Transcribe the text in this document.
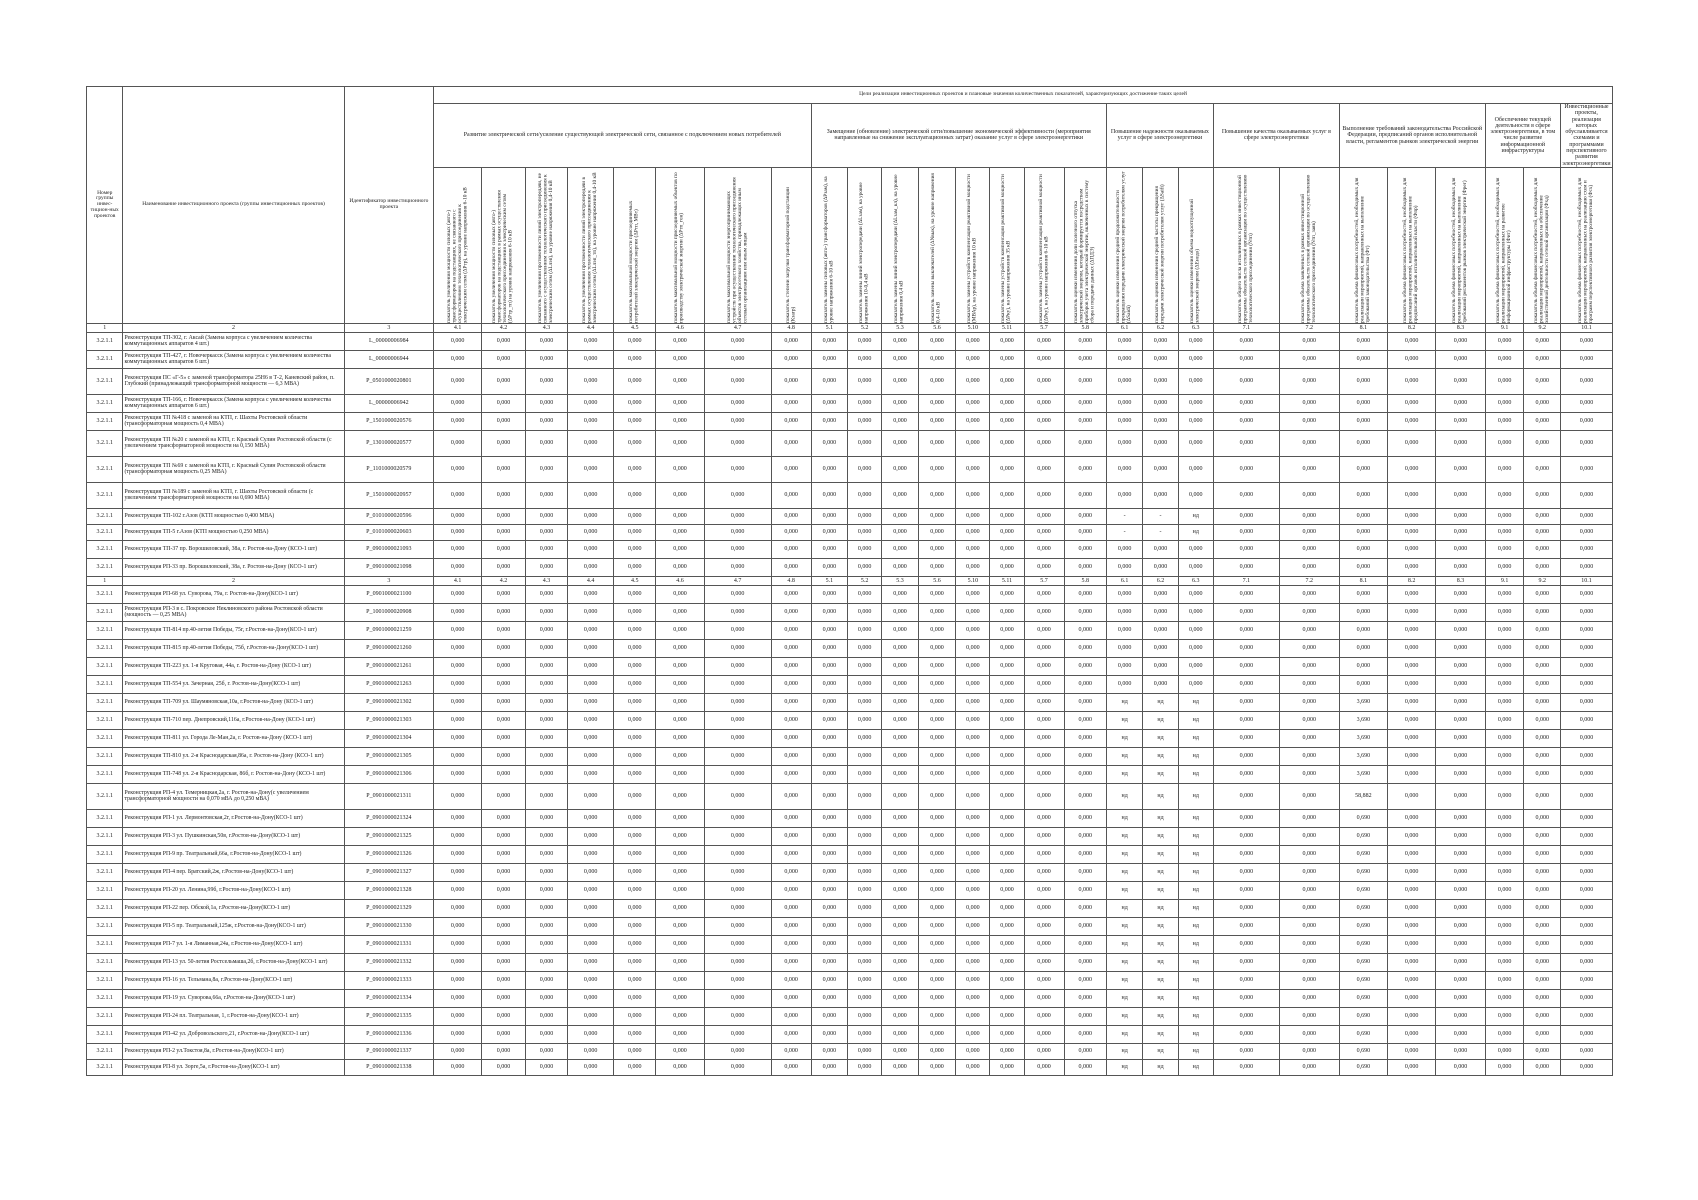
Номер группы инвес-тицион-ных проектов	Наименование инвестиционного проекта (группы инвестиционных проектов)	Идентификатор инвестиционного проекта	Цели реализации инвестиционных проектов и плановые значения количественных показателей, характеризующих достижение таких целей																										
			Развитие электрической сети/усиление существующей электрической сети, связанное с подключением новых потребителей								Замещение (обновление) электрической сети/повышение экономической эффективности (мероприятия направленные на снижение эксплуатационных затрат) оказание услуг в сфере электроэнергетики								Повышение надежности оказываемых услуг в сфере электроэнергетики			Повышение качества оказываемых услуг в сфере электроэнергетики		Выполнение требований законодательства Российской Федерации, предписаний органов исполнительной власти, регламентов рынков электрической энергии			Обеспечение текущей деятельности в сфере электроэнергетики, в том числе развитие информационной инфраструктуры		Инвестиционные проекты, реализация которых обуславливается схемами и программами перспективного развития электроэнергетики

			показатель увеличения мощности силовых (авто-) трансформаторов на подстанциях, не связанного с осуществлением технологического присоединения к электрическим сетям (ΔPтр), на уровне напряжения 6-10 кВ	показатель увеличения мощности силовых (авто-) трансформаторов на подстанциях в рамках осуществления технологического присоединения к электрическим сетям (ΔPтр_тп) на уровне напряжения 6-10 кВ	показатель увеличения протяженности линий электропередачи, не связанного с осуществлением технологического присоединения к электрическим сетям (ΔLлэп), на уровне напряжения 0,4-10 кВ	показатель увеличения протяженности линий электропередачи в рамках осуществления технологического присоединения к электрическим сетям (ΔLлэп_тп), на уровне напряжения 0,4-10 кВ	показатель максимальной мощности присоединяемых потребителей электрической энергии (ΔPтп, МВт)	показатель максимальной мощности присоединяемых объектов по производству электрической энергии (ΔPтп_ген)	показатель максимальной мощности энергопринимающих устройств при осуществлении технологического присоединения объектов электросетевого хозяйства, принадлежащих иным сетевым организациям или иным лицам	показатель степени загрузки трансформаторной подстанции (Кзагр)	показатель замены силовых (авто-) трансформаторов (ΔPзам), на уровне напряжения 6-10 кВ	показатель замены линий электропередачи (ΔLзам), на уровне напряжения 10-0,4 кВ	показатель замены линий электропередачи (ΔLзам_кл), на уровне напряжения 0,4 кВ	показатель замены выключателей (ΔNвык), на уровне напряжения 0,4-10 кВ	показатель замены устройств компенсации реактивной мощности (МВАр), на уровне напряжения 10 кВ	показатель замены устройств компенсации реактивной мощности (ΔPку), на уровне напряжения 35 кВ	показатель замены устройств компенсации реактивной мощности (ΔPку), на уровне напряжения 6-10 кВ	показатель оценки изменения доли полезного отпуска электрической энергии, который формируется посредством приборов учета электрической энергии, включенных в систему сбора и передачи данных (ΔПДЭ)	показатель оценки изменения средней продолжительности прекращения передачи электрической энергии потребителям услуг (ΔSaidi)	показатель оценки изменения средней частоты прекращения передачи электрической энергии потребителям услуг (ΔSaifi)	показатель оценки изменения объема недоотпущенной электрической энергии (ΔEнедо)	показатель общего числа исполненных в рамках инвестиционной программы обязательств сетевой организации по осуществлению технологического присоединения (Nтп)	показатель объема заявленных в рамках инвестиционной программы обязательств сетевой организации по осуществлению технологического присоединения (Nтп_заяв)	показатель объема финансовых потребностей, необходимых для реализации мероприятий, направленных на выполнение требований законодательства (Фт)	показатель объема финансовых потребностей, необходимых для реализации мероприятий, направленных на выполнение предписаний органов исполнительной власти (Фпр)	показатель объема финансовых потребностей, необходимых для реализации мероприятий, направленных на выполнение требований регламентов рынков электрической энергии (Фрег)	показатель объема финансовых потребностей, необходимых для реализации мероприятий, направленных на развитие информационной инфраструктуры (Фит)	показатель объема финансовых потребностей, необходимых для реализации мероприятий, направленных на обеспечение хозяйственной деятельности сетевой организации (Фхд)	показатель объема финансовых потребностей, необходимых для реализации мероприятий, направленных на реализацию схем и программ перспективного развития электроэнергетики (Фсх)

1	2	3	4.1	4.2	4.3	4.4	4.5	4.6	4.7	4.8	5.1	5.2	5.3	5.6	5.10	5.11	5.7	5.8	6.1	6.2	6.3	7.1	7.2	8.1	8.2	8.3	9.1	9.2	10.1
3.2.1.1	Реконструкция ТП-302, г. Аксай (Замена корпуса с увеличением количества коммутационных аппаратов 4 шт.)	L_00000006984	0,000	0,000	0,000	0,000	0,000	0,000	0,000	0,000	0,000	0,000	0,000	0,000	0,000	0,000	0,000	0,000	0,000	0,000	0,000	0,000	0,000	0,000	0,000	0,000	0,000	0,000	0,000
3.2.1.1	Реконструкция ТП-427, г. Новочеркасск (Замена корпуса с увеличением количества коммутационных аппаратов 6 шт.)	L_00000006944	0,000	0,000	0,000	0,000	0,000	0,000	0,000	0,000	0,000	0,000	0,000	0,000	0,000	0,000	0,000	0,000	0,000	0,000	0,000	0,000	0,000	0,000	0,000	0,000	0,000	0,000	0,000
3.2.1.1	Реконструкция ПС «Г-5» с заменой трансформатора 25Н6 в Т-2, Каневский район, п. Глубокий (принадлежащий трансформаторной мощности — 6,3 МВА)	P_0501000020801	0,000	0,000	0,000	0,000	0,000	0,000	0,000	0,000	0,000	0,000	0,000	0,000	0,000	0,000	0,000	0,000	0,000	0,000	0,000	0,000	0,000	0,000	0,000	0,000	0,000	0,000	0,000
3.2.1.1	Реконструкция ТП-166, г. Новочеркасск (Замена корпуса с увеличением количества коммутационных аппаратов 6 шт.)	L_00000006942	0,000	0,000	0,000	0,000	0,000	0,000	0,000	0,000	0,000	0,000	0,000	0,000	0,000	0,000	0,000	0,000	0,000	0,000	0,000	0,000	0,000	0,000	0,000	0,000	0,000	0,000	0,000
3.2.1.1	Реконструкция ТП №418 с заменой на КТП, г. Шахты Ростовской области (трансформаторная мощность 0,4 МВА)	P_1501000020576	0,000	0,000	0,000	0,000	0,000	0,000	0,000	0,000	0,000	0,000	0,000	0,000	0,000	0,000	0,000	0,000	0,000	0,000	0,000	0,000	0,000	0,000	0,000	0,000	0,000	0,000	0,000
3.2.1.1	Реконструкция ТП №20 с заменой на КТП, г. Красный Сулин Ростовской области (с увеличением трансформаторной мощности на 0,150 МВА)	P_1301000020577	0,000	0,000	0,000	0,000	0,000	0,000	0,000	0,000	0,000	0,000	0,000	0,000	0,000	0,000	0,000	0,000	0,000	0,000	0,000	0,000	0,000	0,000	0,000	0,000	0,000	0,000	0,000
3.2.1.1	Реконструкция ТП №69 с заменой на КТП, г. Красный Сулин Ростовской области (трансформаторная мощность 0,25 МВА)	P_1101000020579	0,000	0,000	0,000	0,000	0,000	0,000	0,000	0,000	0,000	0,000	0,000	0,000	0,000	0,000	0,000	0,000	0,000	0,000	0,000	0,000	0,000	0,000	0,000	0,000	0,000	0,000	0,000
3.2.1.1	Реконструкция ТП №189 с заменой на КТП, г. Шахты Ростовской области (с увеличением трансформаторной мощности на 0,690 МВА)	P_1501000020957	0,000	0,000	0,000	0,000	0,000	0,000	0,000	0,000	0,000	0,000	0,000	0,000	0,000	0,000	0,000	0,000	0,000	0,000	0,000	0,000	0,000	0,000	0,000	0,000	0,000	0,000	0,000
3.2.1.1	Реконструкция ТП-102 г.Азов (КТП мощностью 0,400 МВА)	P_0101000020596	0,000	0,000	0,000	0,000	0,000	0,000	0,000	0,000	0,000	0,000	0,000	0,000	0,000	0,000	0,000	0,000	-	-	нд	0,000	0,000	0,000	0,000	0,000	0,000	0,000	0,000
3.2.1.1	Реконструкция ТП-5 г.Азов (КТП мощностью 0,250 МВА)	P_0101000020603	0,000	0,000	0,000	0,000	0,000	0,000	0,000	0,000	0,000	0,000	0,000	0,000	0,000	0,000	0,000	0,000	-	-	нд	0,000	0,000	0,000	0,000	0,000	0,000	0,000	0,000
3.2.1.1	Реконструкция ТП-37 пр. Ворошиловский, 38а, г. Ростов-на-Дону (КСО-1 шт)	P_0901000021093	0,000	0,000	0,000	0,000	0,000	0,000	0,000	0,000	0,000	0,000	0,000	0,000	0,000	0,000	0,000	0,000	0,000	0,000	0,000	0,000	0,000	0,000	0,000	0,000	0,000	0,000	0,000
3.2.1.1	Реконструкция РП-33 пр. Ворошиловский, 38а, г. Ростов-на-Дону (КСО-1 шт)	P_0901000021098	0,000	0,000	0,000	0,000	0,000	0,000	0,000	0,000	0,000	0,000	0,000	0,000	0,000	0,000	0,000	0,000	0,000	0,000	0,000	0,000	0,000	0,000	0,000	0,000	0,000	0,000	0,000
1	2	3	4.1	4.2	4.3	4.4	4.5	4.6	4.7	4.8	5.1	5.2	5.3	5.6	5.10	5.11	5.7	5.8	6.1	6.2	6.3	7.1	7.2	8.1	8.2	8.3	9.1	9.2	10.1
3.2.1.1	Реконструкция РП-68 ул. Суворова, 79а, г. Ростов-на-Дону(КСО-1 шт)	P_0901000021100	0,000	0,000	0,000	0,000	0,000	0,000	0,000	0,000	0,000	0,000	0,000	0,000	0,000	0,000	0,000	0,000	0,000	0,000	0,000	0,000	0,000	0,000	0,000	0,000	0,000	0,000	0,000
3.2.1.1	Реконструкция РП-3 в с. Покровское Неклиновского района Ростовской области (мощность — 0,25 МВА)	P_1001000020908	0,000	0,000	0,000	0,000	0,000	0,000	0,000	0,000	0,000	0,000	0,000	0,000	0,000	0,000	0,000	0,000	0,000	0,000	0,000	0,000	0,000	0,000	0,000	0,000	0,000	0,000	0,000
3.2.1.1	Реконструкция ТП-814 пр.40-летия Победы, 75г, г.Ростов-на-Дону(КСО-1 шт)	P_0901000021259	0,000	0,000	0,000	0,000	0,000	0,000	0,000	0,000	0,000	0,000	0,000	0,000	0,000	0,000	0,000	0,000	0,000	0,000	0,000	0,000	0,000	0,000	0,000	0,000	0,000	0,000	0,000
3.2.1.1	Реконструкция ТП-815 пр.40-летия Победы, 75б, г.Ростов-на-Дону(КСО-1 шт)	P_0901000021260	0,000	0,000	0,000	0,000	0,000	0,000	0,000	0,000	0,000	0,000	0,000	0,000	0,000	0,000	0,000	0,000	0,000	0,000	0,000	0,000	0,000	0,000	0,000	0,000	0,000	0,000	0,000
3.2.1.1	Реконструкция ТП-223 ул. 1-я Круговая, 44а, г. Ростов-на-Дону (КСО-1 шт)	P_0901000021261	0,000	0,000	0,000	0,000	0,000	0,000	0,000	0,000	0,000	0,000	0,000	0,000	0,000	0,000	0,000	0,000	0,000	0,000	0,000	0,000	0,000	0,000	0,000	0,000	0,000	0,000	0,000
3.2.1.1	Реконструкция ТП-554 ул. Зачерная, 25б, г. Ростов-на-Дону(КСО-1 шт)	P_0901000021263	0,000	0,000	0,000	0,000	0,000	0,000	0,000	0,000	0,000	0,000	0,000	0,000	0,000	0,000	0,000	0,000	0,000	0,000	0,000	0,000	0,000	0,000	0,000	0,000	0,000	0,000	0,000
3.2.1.1	Реконструкция ТП-709 ул. Шаумяновская,10а, г.Ростов-на-Дону (КСО-1 шт)	P_0901000021302	0,000	0,000	0,000	0,000	0,000	0,000	0,000	0,000	0,000	0,000	0,000	0,000	0,000	0,000	0,000	0,000	нд	нд	нд	0,000	0,000	3,690	0,000	0,000	0,000	0,000	0,000
3.2.1.1	Реконструкция ТП-710 пер. Днепровский,116а, г.Ростов-на-Дону (КСО-1 шт)	P_0901000021303	0,000	0,000	0,000	0,000	0,000	0,000	0,000	0,000	0,000	0,000	0,000	0,000	0,000	0,000	0,000	0,000	нд	нд	нд	0,000	0,000	3,690	0,000	0,000	0,000	0,000	0,000
3.2.1.1	Реконструкция ТП-811 ул. Города Ле-Ман,2а, г. Ростов-на-Дону (КСО-1 шт)	P_0901000021304	0,000	0,000	0,000	0,000	0,000	0,000	0,000	0,000	0,000	0,000	0,000	0,000	0,000	0,000	0,000	0,000	нд	нд	нд	0,000	0,000	3,690	0,000	0,000	0,000	0,000	0,000
3.2.1.1	Реконструкция ТП-810 ул. 2-я Краснодарская,86а, г. Ростов-на-Дону (КСО-1 шт)	P_0901000021305	0,000	0,000	0,000	0,000	0,000	0,000	0,000	0,000	0,000	0,000	0,000	0,000	0,000	0,000	0,000	0,000	нд	нд	нд	0,000	0,000	3,690	0,000	0,000	0,000	0,000	0,000
3.2.1.1	Реконструкция ТП-748 ул. 2-я Краснодарская, 86б, г. Ростов-на-Дону (КСО-1 шт)	P_0901000021306	0,000	0,000	0,000	0,000	0,000	0,000	0,000	0,000	0,000	0,000	0,000	0,000	0,000	0,000	0,000	0,000	нд	нд	нд	0,000	0,000	3,690	0,000	0,000	0,000	0,000	0,000
3.2.1.1	Реконструкция РП-4 ул. Темерницкая,2а, г. Ростов-на-Дону(с увеличением трансформаторной мощности на 0,070 мВА до 0,250 мВА)	P_0901000021311	0,000	0,000	0,000	0,000	0,000	0,000	0,000	0,000	0,000	0,000	0,000	0,000	0,000	0,000	0,000	0,000	нд	нд	нд	0,000	0,000	58,882	0,000	0,000	0,000	0,000	0,000
3.2.1.1	Реконструкция РП-1 ул. Лермонтовская,2г, г.Ростов-на-Дону(КСО-1 шт)	P_0901000021324	0,000	0,000	0,000	0,000	0,000	0,000	0,000	0,000	0,000	0,000	0,000	0,000	0,000	0,000	0,000	0,000	нд	нд	нд	0,000	0,000	0,690	0,000	0,000	0,000	0,000	0,000
3.2.1.1	Реконструкция РП-3 ул. Пушкинская,50в, г.Ростов-на-Дону(КСО-1 шт)	P_0901000021325	0,000	0,000	0,000	0,000	0,000	0,000	0,000	0,000	0,000	0,000	0,000	0,000	0,000	0,000	0,000	0,000	нд	нд	нд	0,000	0,000	0,690	0,000	0,000	0,000	0,000	0,000
3.2.1.1	Реконструкция РП-9 пр. Театральный,66а, г.Ростов-на-Дону(КСО-1 шт)	P_0901000021326	0,000	0,000	0,000	0,000	0,000	0,000	0,000	0,000	0,000	0,000	0,000	0,000	0,000	0,000	0,000	0,000	нд	нд	нд	0,000	0,000	0,690	0,000	0,000	0,000	0,000	0,000
3.2.1.1	Реконструкция РП-4 пер. Братский,2ж, г.Ростов-на-Дону(КСО-1 шт)	P_0901000021327	0,000	0,000	0,000	0,000	0,000	0,000	0,000	0,000	0,000	0,000	0,000	0,000	0,000	0,000	0,000	0,000	нд	нд	нд	0,000	0,000	0,690	0,000	0,000	0,000	0,000	0,000
3.2.1.1	Реконструкция РП-20 ул. Ленина,99б, г.Ростов-на-Дону(КСО-1 шт)	P_0901000021328	0,000	0,000	0,000	0,000	0,000	0,000	0,000	0,000	0,000	0,000	0,000	0,000	0,000	0,000	0,000	0,000	нд	нд	нд	0,000	0,000	0,690	0,000	0,000	0,000	0,000	0,000
3.2.1.1	Реконструкция РП-22 пер. Обской,1а, г.Ростов-на-Дону(КСО-1 шт)	P_0901000021329	0,000	0,000	0,000	0,000	0,000	0,000	0,000	0,000	0,000	0,000	0,000	0,000	0,000	0,000	0,000	0,000	нд	нд	нд	0,000	0,000	0,690	0,000	0,000	0,000	0,000	0,000
3.2.1.1	Реконструкция РП-5 пр. Театральный,125ж, г.Ростов-на-Дону(КСО-1 шт)	P_0901000021330	0,000	0,000	0,000	0,000	0,000	0,000	0,000	0,000	0,000	0,000	0,000	0,000	0,000	0,000	0,000	0,000	нд	нд	нд	0,000	0,000	0,690	0,000	0,000	0,000	0,000	0,000
3.2.1.1	Реконструкция РП-7 ул. 1-я Лиманная,24а, г.Ростов-на-Дону(КСО-1 шт)	P_0901000021331	0,000	0,000	0,000	0,000	0,000	0,000	0,000	0,000	0,000	0,000	0,000	0,000	0,000	0,000	0,000	0,000	нд	нд	нд	0,000	0,000	0,690	0,000	0,000	0,000	0,000	0,000
3.2.1.1	Реконструкция РП-13 ул. 50-летия Ростсельмаша,2б, г.Ростов-на-Дону(КСО-1 шт)	P_0901000021332	0,000	0,000	0,000	0,000	0,000	0,000	0,000	0,000	0,000	0,000	0,000	0,000	0,000	0,000	0,000	0,000	нд	нд	нд	0,000	0,000	0,690	0,000	0,000	0,000	0,000	0,000
3.2.1.1	Реконструкция РП-16 ул. Тельмана,8а, г.Ростов-на-Дону(КСО-1 шт)	P_0901000021333	0,000	0,000	0,000	0,000	0,000	0,000	0,000	0,000	0,000	0,000	0,000	0,000	0,000	0,000	0,000	0,000	нд	нд	нд	0,000	0,000	0,690	0,000	0,000	0,000	0,000	0,000
3.2.1.1	Реконструкция РП-19 ул. Суворова,66а, г.Ростов-на-Дону(КСО-1 шт)	P_0901000021334	0,000	0,000	0,000	0,000	0,000	0,000	0,000	0,000	0,000	0,000	0,000	0,000	0,000	0,000	0,000	0,000	нд	нд	нд	0,000	0,000	0,690	0,000	0,000	0,000	0,000	0,000
3.2.1.1	Реконструкция РП-24 пл. Театральная, 1, г.Ростов-на-Дону(КСО-1 шт)	P_0901000021335	0,000	0,000	0,000	0,000	0,000	0,000	0,000	0,000	0,000	0,000	0,000	0,000	0,000	0,000	0,000	0,000	нд	нд	нд	0,000	0,000	0,690	0,000	0,000	0,000	0,000	0,000
3.2.1.1	Реконструкция РП-42 ул. Добровольского,21, г.Ростов-на-Дону(КСО-1 шт)	P_0901000021336	0,000	0,000	0,000	0,000	0,000	0,000	0,000	0,000	0,000	0,000	0,000	0,000	0,000	0,000	0,000	0,000	нд	нд	нд	0,000	0,000	0,690	0,000	0,000	0,000	0,000	0,000
3.2.1.1	Реконструкция РП-2 ул.Токстоя,8а, г.Ростов-на-Дону(КСО-1 шт)	P_0901000021337	0,000	0,000	0,000	0,000	0,000	0,000	0,000	0,000	0,000	0,000	0,000	0,000	0,000	0,000	0,000	0,000	нд	нд	нд	0,000	0,000	0,690	0,000	0,000	0,000	0,000	0,000
3.2.1.1	Реконструкция РП-8 ул. Зорге,5а, г.Ростов-на-Дону(КСО-1 шт)	P_0901000021338	0,000	0,000	0,000	0,000	0,000	0,000	0,000	0,000	0,000	0,000	0,000	0,000	0,000	0,000	0,000	0,000	нд	нд	нд	0,000	0,000	0,690	0,000	0,000	0,000	0,000	0,000
